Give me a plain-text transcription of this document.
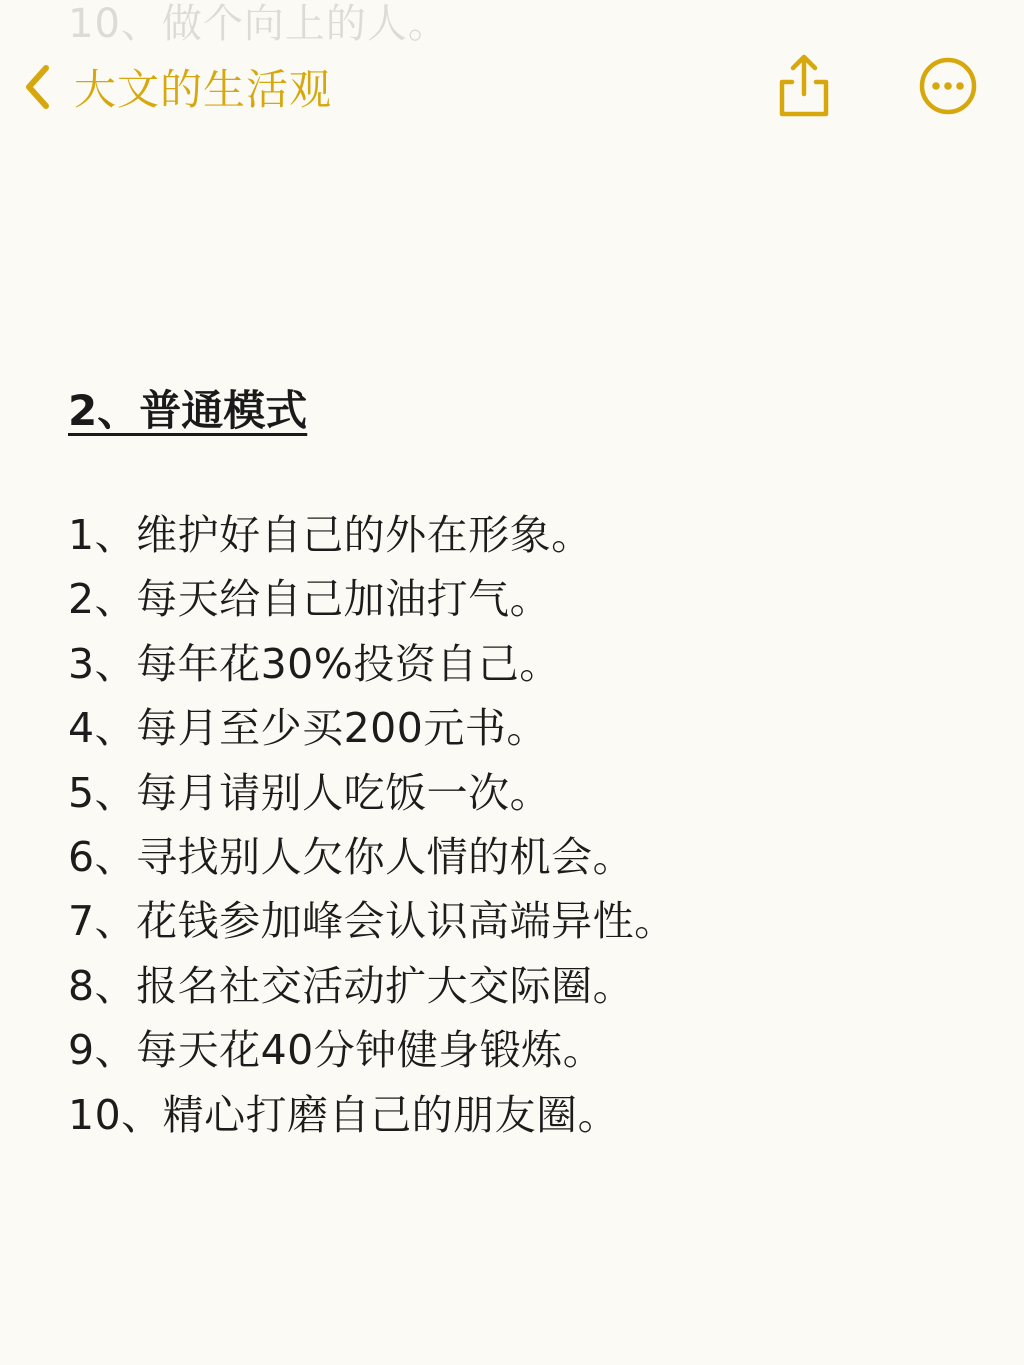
10、做个向上的人。
大文的生活观
2、普通模式
1、维护好自己的外在形象。
2、每天给自己加油打气。
3、每年花30%投资自己。
4、每月至少买200元书。
5、每月请别人吃饭一次。
6、寻找别人欠你人情的机会。
7、花钱参加峰会认识高端异性。
8、报名社交活动扩大交际圈。
9、每天花40分钟健身锻炼。
10、精心打磨自己的朋友圈。
